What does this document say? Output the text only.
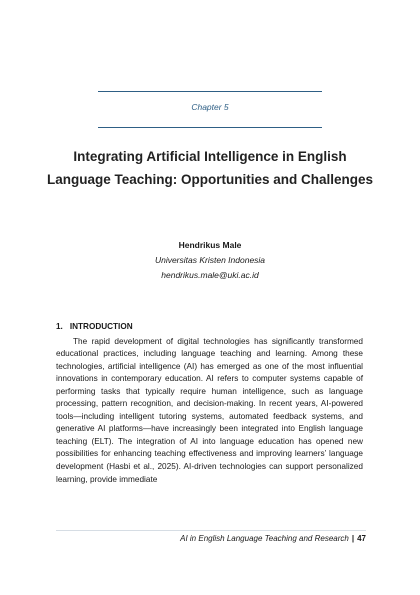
Chapter 5
Integrating Artificial Intelligence in English Language Teaching: Opportunities and Challenges
Hendrikus Male
Universitas Kristen Indonesia
hendrikus.male@uki.ac.id
1. INTRODUCTION

The rapid development of digital technologies has significantly transformed educational practices, including language teaching and learning. Among these technologies, artificial intelligence (AI) has emerged as one of the most influential innovations in contemporary education. AI refers to computer systems capable of performing tasks that typically require human intelligence, such as language processing, pattern recognition, and decision-making. In recent years, AI-powered tools—including intelligent tutoring systems, automated feedback systems, and generative AI platforms—have increasingly been integrated into English language teaching (ELT). The integration of AI into language education has opened new possibilities for enhancing teaching effectiveness and improving learners’ language development (Hasbi et al., 2025). AI-driven technologies can support personalized learning, provide immediate

AI in English Language Teaching and Research | 47
